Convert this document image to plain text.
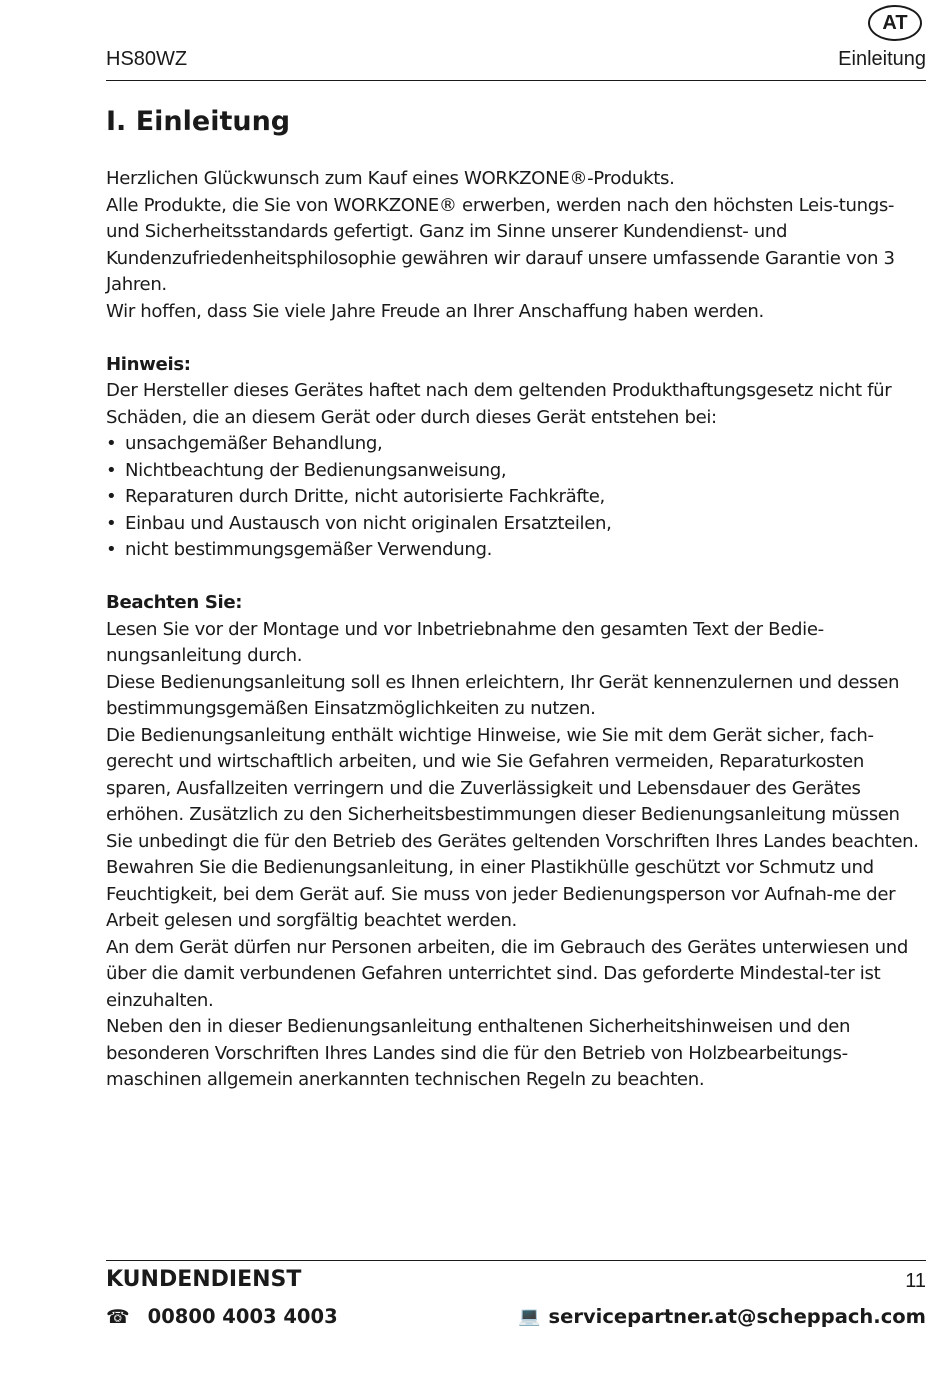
AT
HS80WZ	Einleitung
I. Einleitung

Herzlichen Glückwunsch zum Kauf eines WORKZONE®-Produkts.

Alle Produkte, die Sie von WORKZONE® erwerben, werden nach den höchsten Leis-tungs- und Sicherheitsstandards gefertigt. Ganz im Sinne unserer Kundendienst- und Kundenzufriedenheitsphilosophie gewähren wir darauf unsere umfassende Garantie von 3 Jahren.

Wir hoffen, dass Sie viele Jahre Freude an Ihrer Anschaffung haben werden.

Hinweis:

Der Hersteller dieses Gerätes haftet nach dem geltenden Produkthaftungsgesetz nicht für Schäden, die an diesem Gerät oder durch dieses Gerät entstehen bei:

• unsachgemäßer Behandlung,
• Nichtbeachtung der Bedienungsanweisung,
• Reparaturen durch Dritte, nicht autorisierte Fachkräfte,
• Einbau und Austausch von nicht originalen Ersatzteilen,
• nicht bestimmungsgemäßer Verwendung.

Beachten Sie:

Lesen Sie vor der Montage und vor Inbetriebnahme den gesamten Text der Bedie-nungsanleitung durch.

Diese Bedienungsanleitung soll es Ihnen erleichtern, Ihr Gerät kennenzulernen und dessen bestimmungsgemäßen Einsatzmöglichkeiten zu nutzen.

Die Bedienungsanleitung enthält wichtige Hinweise, wie Sie mit dem Gerät sicher, fach-gerecht und wirtschaftlich arbeiten, und wie Sie Gefahren vermeiden, Reparaturkosten sparen, Ausfallzeiten verringern und die Zuverlässigkeit und Lebensdauer des Gerätes erhöhen. Zusätzlich zu den Sicherheitsbestimmungen dieser Bedienungsanleitung müssen Sie unbedingt die für den Betrieb des Gerätes geltenden Vorschriften Ihres Landes beachten.

Bewahren Sie die Bedienungsanleitung, in einer Plastikhülle geschützt vor Schmutz und Feuchtigkeit, bei dem Gerät auf. Sie muss von jeder Bedienungsperson vor Aufnah-me der Arbeit gelesen und sorgfältig beachtet werden.

An dem Gerät dürfen nur Personen arbeiten, die im Gebrauch des Gerätes unterwiesen und über die damit verbundenen Gefahren unterrichtet sind. Das geforderte Mindestal-ter ist einzuhalten.

Neben den in dieser Bedienungsanleitung enthaltenen Sicherheitshinweisen und den besonderen Vorschriften Ihres Landes sind die für den Betrieb von Holzbearbeitungs-maschinen allgemein anerkannten technischen Regeln zu beachten.

KUNDENDIENST	11
☎ 00800 4003 4003	💻 servicepartner.at@scheppach.com
